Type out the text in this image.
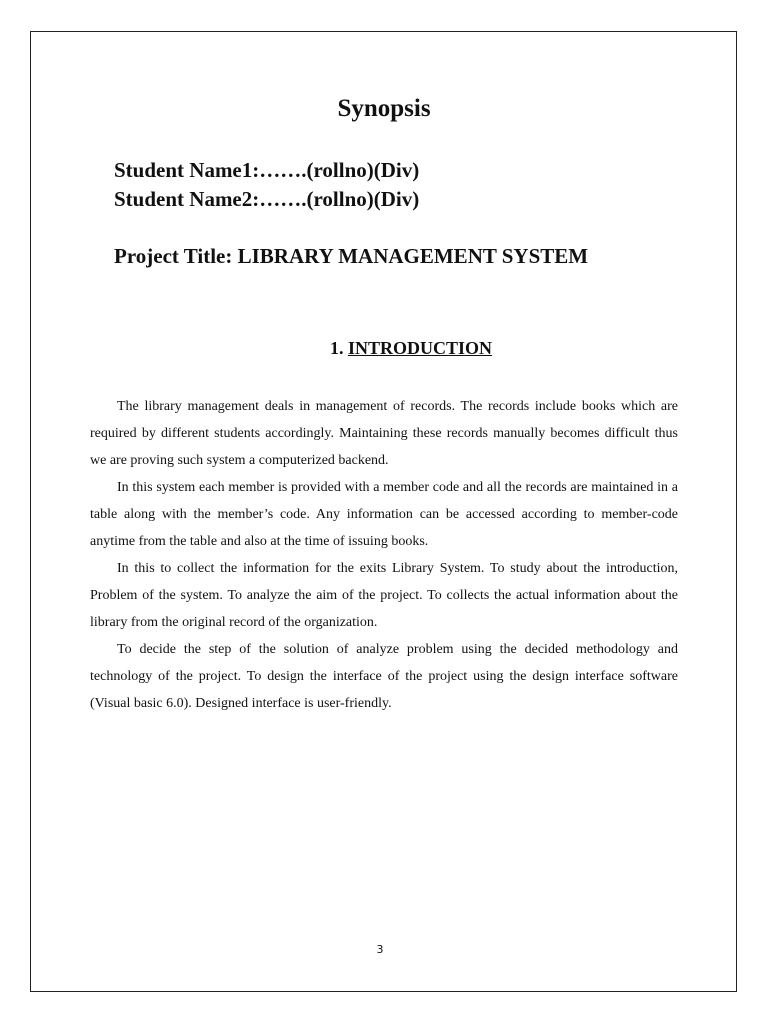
Synopsis

Student Name1:…….(rollno)(Div)

Student Name2:…….(rollno)(Div)

Project Title: LIBRARY MANAGEMENT SYSTEM

1. INTRODUCTION

The library management deals in management of records. The records include books which are required by different students accordingly. Maintaining these records manually becomes difficult thus we are proving such system a computerized backend.

In this system each member is provided with a member code and all the records are maintained in a table along with the member’s code. Any information can be accessed according to member-code anytime from the table and also at the time of issuing books.

In this to collect the information for the exits Library System. To study about the introduction, Problem of the system. To analyze the aim of the project. To collects the actual information about the library from the original record of the organization.

To decide the step of the solution of analyze problem using the decided methodology and technology of the project. To design the interface of the project using the design interface software (Visual basic 6.0). Designed interface is user-friendly.

3
